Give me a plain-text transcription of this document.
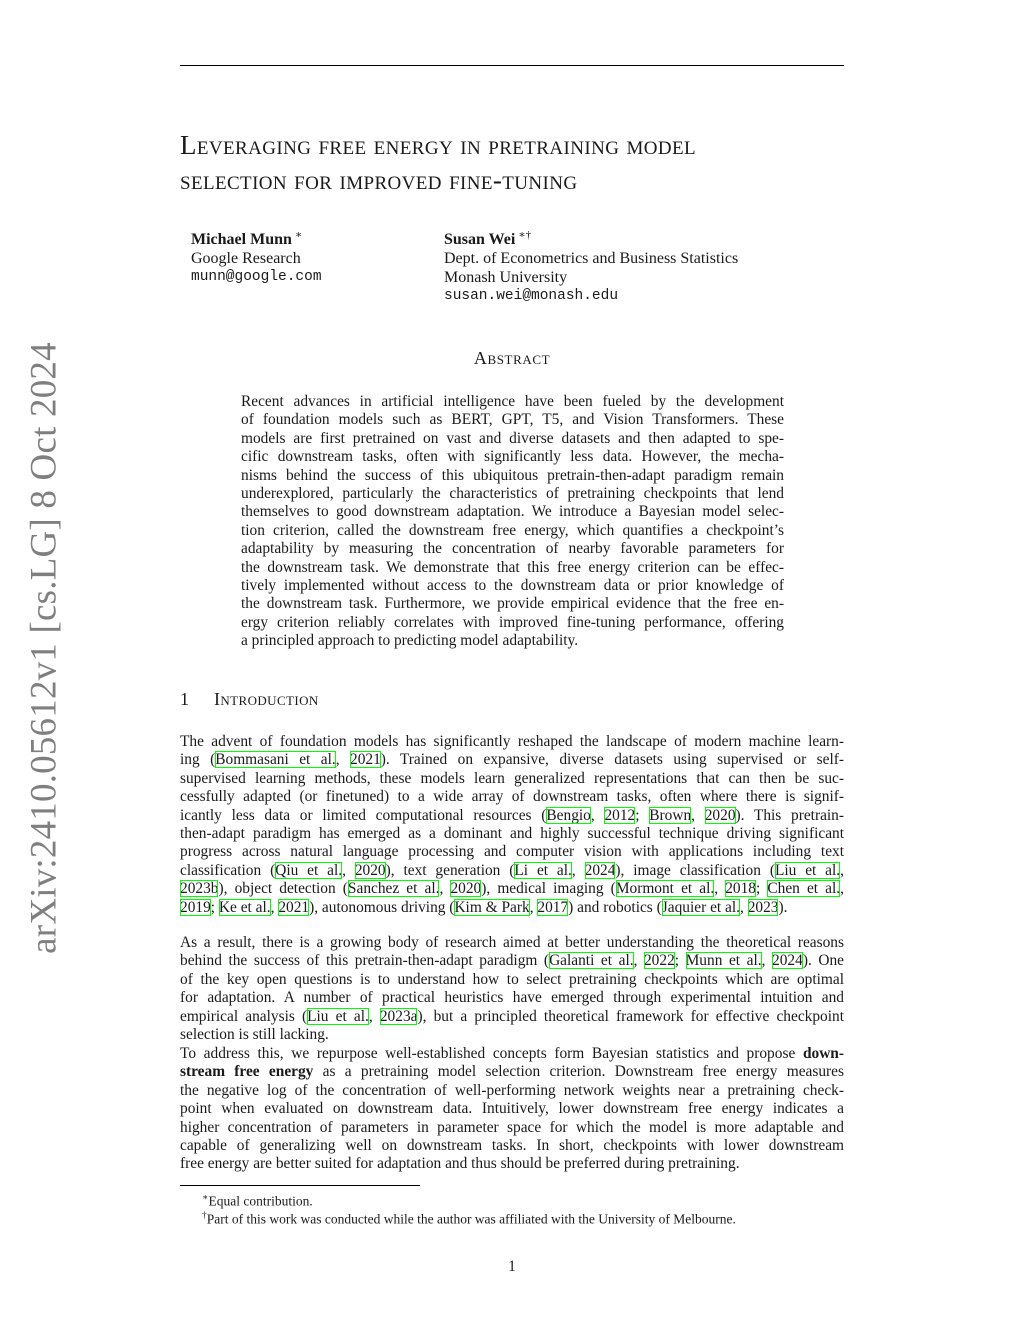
arXiv:2410.05612v1 [cs.LG] 8 Oct 2024
Leveraging free energy in pretraining model
selection for improved fine-tuning
Michael Munn ∗
Google Research
munn@google.com
Susan Wei ∗†
Dept. of Econometrics and Business Statistics
Monash University
susan.wei@monash.edu
Abstract
Recent advances in artificial intelligence have been fueled by the development
of foundation models such as BERT, GPT, T5, and Vision Transformers. These
models are first pretrained on vast and diverse datasets and then adapted to spe-
cific downstream tasks, often with significantly less data. However, the mecha-
nisms behind the success of this ubiquitous pretrain-then-adapt paradigm remain
underexplored, particularly the characteristics of pretraining checkpoints that lend
themselves to good downstream adaptation. We introduce a Bayesian model selec-
tion criterion, called the downstream free energy, which quantifies a checkpoint’s
adaptability by measuring the concentration of nearby favorable parameters for
the downstream task. We demonstrate that this free energy criterion can be effec-
tively implemented without access to the downstream data or prior knowledge of
the downstream task. Furthermore, we provide empirical evidence that the free en-
ergy criterion reliably correlates with improved fine-tuning performance, offering
a principled approach to predicting model adaptability.
1 Introduction
The advent of foundation models has significantly reshaped the landscape of modern machine learn-
ing (Bommasani et al., 2021). Trained on expansive, diverse datasets using supervised or self-
supervised learning methods, these models learn generalized representations that can then be suc-
cessfully adapted (or finetuned) to a wide array of downstream tasks, often where there is signif-
icantly less data or limited computational resources (Bengio, 2012; Brown, 2020). This pretrain-
then-adapt paradigm has emerged as a dominant and highly successful technique driving significant
progress across natural language processing and computer vision with applications including text
classification (Qiu et al., 2020), text generation (Li et al., 2024), image classification (Liu et al.,
2023b), object detection (Sanchez et al., 2020), medical imaging (Mormont et al., 2018; Chen et al.,
2019; Ke et al., 2021), autonomous driving (Kim & Park, 2017) and robotics (Jaquier et al., 2023).
As a result, there is a growing body of research aimed at better understanding the theoretical reasons
behind the success of this pretrain-then-adapt paradigm (Galanti et al., 2022; Munn et al., 2024). One
of the key open questions is to understand how to select pretraining checkpoints which are optimal
for adaptation. A number of practical heuristics have emerged through experimental intuition and
empirical analysis (Liu et al., 2023a), but a principled theoretical framework for effective checkpoint
selection is still lacking.
To address this, we repurpose well-established concepts form Bayesian statistics and propose down-
stream free energy as a pretraining model selection criterion. Downstream free energy measures
the negative log of the concentration of well-performing network weights near a pretraining check-
point when evaluated on downstream data. Intuitively, lower downstream free energy indicates a
higher concentration of parameters in parameter space for which the model is more adaptable and
capable of generalizing well on downstream tasks. In short, checkpoints with lower downstream
free energy are better suited for adaptation and thus should be preferred during pretraining.
∗Equal contribution.
†Part of this work was conducted while the author was affiliated with the University of Melbourne.
1
